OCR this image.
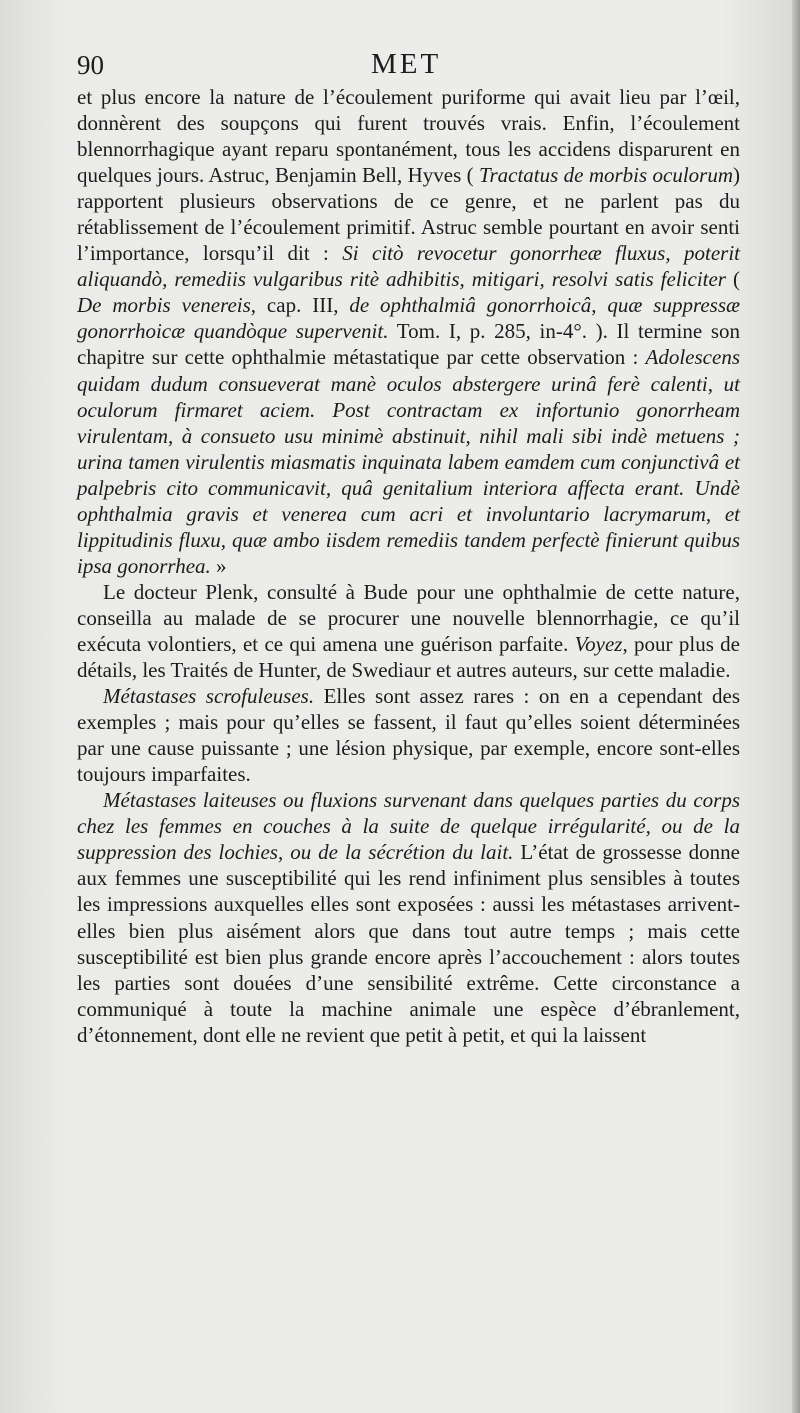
90	MET

et plus encore la nature de l’écoulement puriforme qui avait lieu par l’œil, donnèrent des soupçons qui furent trouvés vrais. Enfin, l’écoulement blennorrhagique ayant reparu spontanément, tous les accidens disparurent en quelques jours. Astruc, Benjamin Bell, Hyves ( Tractatus de morbis oculorum) rapportent plusieurs observations de ce genre, et ne parlent pas du rétablissement de l’écoulement primitif. Astruc semble pourtant en avoir senti l’importance, lorsqu’il dit : Si citò revocetur gonorrheæ fluxus, poterit aliquandò, remediis vulgaribus ritè adhibitis, mitigari, resolvi satis feliciter ( De morbis venereis, cap. III, de ophthalmiâ gonorrhoicâ, quæ suppressæ gonorrhoicæ quandòque supervenit. Tom. I, p. 285, in-4°. ). Il termine son chapitre sur cette ophthalmie métastatique par cette observation : Adolescens quidam dudum consueverat manè oculos abstergere urinâ ferè calenti, ut oculorum firmaret aciem. Post contractam ex infortunio gonorrheam virulentam, à consueto usu minimè abstinuit, nihil mali sibi indè metuens ; urina tamen virulentis miasmatis inquinata labem eamdem cum conjunctivâ et palpebris cito communicavit, quâ genitalium interiora affecta erant. Undè ophthalmia gravis et venerea cum acri et involuntario lacrymarum, et lippitudinis fluxu, quæ ambo iisdem remediis tandem perfectè finierunt quibus ipsa gonorrhea. »

Le docteur Plenk, consulté à Bude pour une ophthalmie de cette nature, conseilla au malade de se procurer une nouvelle blennorrhagie, ce qu’il exécuta volontiers, et ce qui amena une guérison parfaite. Voyez, pour plus de détails, les Traités de Hunter, de Swediaur et autres auteurs, sur cette maladie.

Métastases scrofuleuses. Elles sont assez rares : on en a cependant des exemples ; mais pour qu’elles se fassent, il faut qu’elles soient déterminées par une cause puissante ; une lésion physique, par exemple, encore sont-elles toujours imparfaites.

Métastases laiteuses ou fluxions survenant dans quelques parties du corps chez les femmes en couches à la suite de quelque irrégularité, ou de la suppression des lochies, ou de la sécrétion du lait. L’état de grossesse donne aux femmes une susceptibilité qui les rend infiniment plus sensibles à toutes les impressions auxquelles elles sont exposées : aussi les métastases arrivent-elles bien plus aisément alors que dans tout autre temps ; mais cette susceptibilité est bien plus grande encore après l’accouchement : alors toutes les parties sont douées d’une sensibilité extrême. Cette circonstance a communiqué à toute la machine animale une espèce d’ébranlement, d’étonnement, dont elle ne revient que petit à petit, et qui la laissent
